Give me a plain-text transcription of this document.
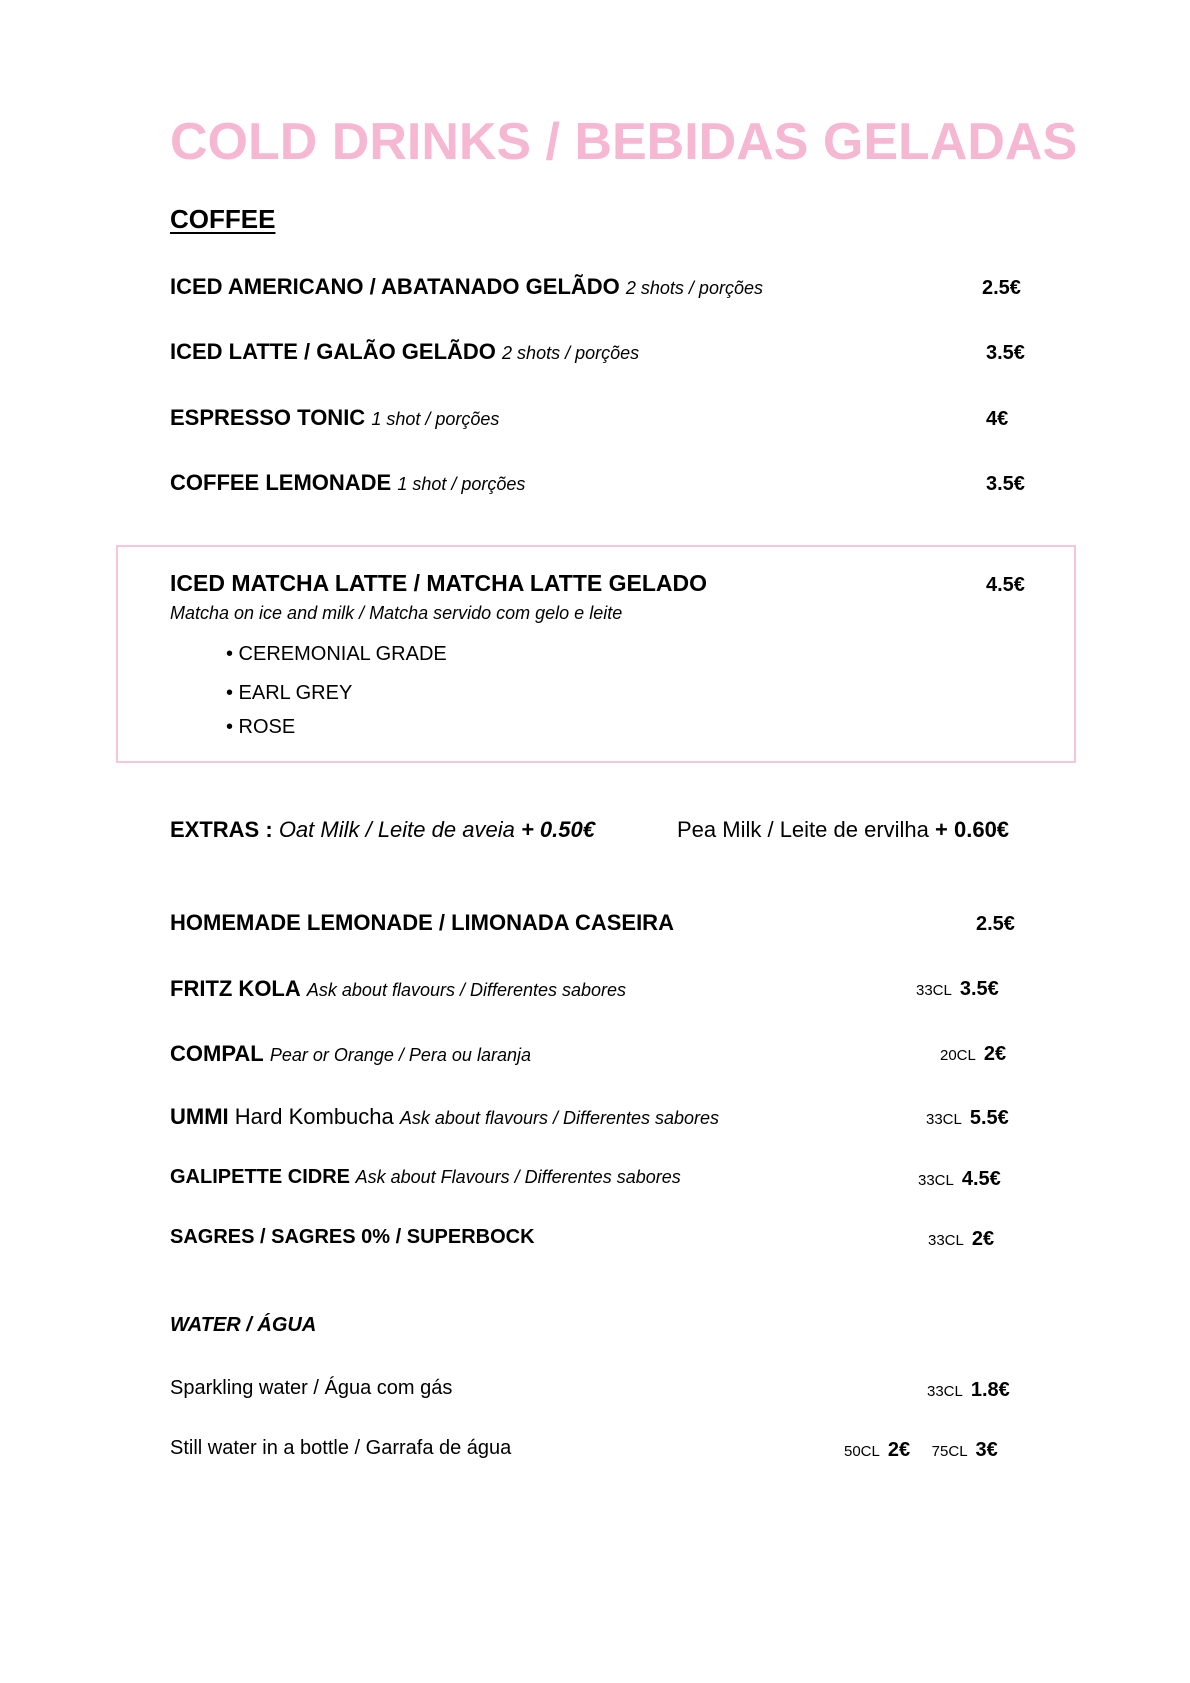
COLD DRINKS / BEBIDAS GELADAS
COFFEE
ICED AMERICANO / ABATANADO GELÃDO 2 shots / porções	2.5€
ICED LATTE / GALÃO GELÃDO 2 shots / porções	3.5€
ESPRESSO TONIC 1 shot / porções	4€
COFFEE LEMONADE 1 shot / porções	3.5€
ICED MATCHA LATTE / MATCHA LATTE GELADO	4.5€
Matcha on ice and milk / Matcha servido com gelo e leite
• CEREMONIAL GRADE
• EARL GREY
• ROSE
EXTRAS : Oat Milk / Leite de aveia + 0.50€	Pea Milk / Leite de ervilha + 0.60€
HOMEMADE LEMONADE / LIMONADA CASEIRA	2.5€
FRITZ KOLA Ask about flavours / Differentes sabores	33CL 3.5€
COMPAL Pear or Orange / Pera ou laranja	20CL 2€
UMMI Hard Kombucha Ask about flavours / Differentes sabores	33CL 5.5€
GALIPETTE CIDRE Ask about Flavours / Differentes sabores	33CL 4.5€
SAGRES / SAGRES 0% / SUPERBOCK	33CL 2€
WATER / ÁGUA
Sparkling water / Água com gás	33CL 1.8€
Still water in a bottle / Garrafa de água	50CL 2€ 75CL 3€
